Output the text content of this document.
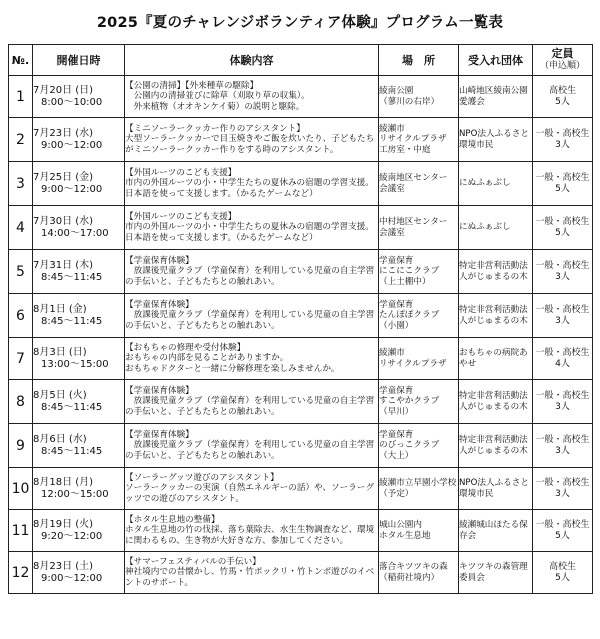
2025『夏のチャレンジボランティア体験』プログラム一覧表
№.	開催日時	体験内容	場　所	受入れ団体	定員
（申込順）

1	7月20日 (日)
8:00～10:00	【公園の清掃】【外来種草の駆除】
　公園内の清掃並びに除草（刈取り草の収集）。
　外来植物（オオキンケイ菊）の説明と駆除。	綾南公園
（蓼川の右岸）	山崎地区綾南公園愛護会	高校生
5人
2	7月23日 (水)
9:00～12:00	【ミニソーラークッカー作りのアシスタント】
大型ソーラークッカーで目玉焼きやご飯を炊いたり、子どもたちがミニソーラークッカー作りをする時のアシスタント。	綾瀬市
リサイクルプラザ
工房室・中庭	NPO法人ふるさと環境市民	一般・高校生
3人
3	7月25日 (金)
9:00～12:00	【外国ルーツのこども支援】
市内の外国ルーツの小・中学生たちの夏休みの宿題の学習支援。日本語を使って支援します。（かるたゲームなど）	綾南地区センター
会議室	にぬふぁぶし	一般・高校生
5人
4	7月30日 (水)
14:00～17:00	【外国ルーツのこども支援】
市内の外国ルーツの小・中学生たちの夏休みの宿題の学習支援。日本語を使って支援します。（かるたゲームなど）	中村地区センター
会議室	にぬふぁぶし	一般・高校生
5人
5	7月31日 (木)
8:45～11:45	【学童保育体験】
　放課後児童クラブ（学童保育）を利用している児童の自主学習の手伝いと、子どもたちとの触れあい。	学童保育
にこにこクラブ
（上土棚中）	特定非営利活動法人がじゅまるの木	一般・高校生
3人
6	8月1日 (金)
8:45～11:45	【学童保育体験】
　放課後児童クラブ（学童保育）を利用している児童の自主学習の手伝いと、子どもたちとの触れあい。	学童保育
たんぽぽクラブ
（小園）	特定非営利活動法人がじゅまるの木	一般・高校生
3人
7	8月3日 (日)
13:00～15:00	【おもちゃの修理や受付体験】
おもちゃの内部を見ることがありますか。
おもちゃドクターと一緒に分解修理を楽しみませんか。	綾瀬市
リサイクルプラザ	おもちゃの病院あやせ	一般・高校生
4人
8	8月5日 (火)
8:45～11:45	【学童保育体験】
　放課後児童クラブ（学童保育）を利用している児童の自主学習の手伝いと、子どもたちとの触れあい。	学童保育
すこやかクラブ
（早川）	特定非営利活動法人がじゅまるの木	一般・高校生
3人
9	8月6日 (水)
8:45～11:45	【学童保育体験】
　放課後児童クラブ（学童保育）を利用している児童の自主学習の手伝いと、子どもたちとの触れあい。	学童保育
のびっこクラブ
（大上）	特定非営利活動法人がじゅまるの木	一般・高校生
3人
10	8月18日 (月)
12:00～15:00	【ソーラーグッツ遊びのアシスタント】
ソーラークッカーの実演（自然エネルギーの話）や、ソーラーグッツでの遊びのアシスタント。	綾瀬市立早園小学校　　（予定）	NPO法人ふるさと環境市民	一般・高校生
3人
11	8月19日 (火)
9:20～12:00	【ホタル生息地の整備】
ホタル生息地の竹の伐採、落ち葉除去、水生生物調査など、環境に関わるもの、生き物が大好きな方、参加してください。	城山公園内
ホタル生息地	綾瀬城山ほたる保存会	一般・高校生
5人
12	8月23日 (土)
9:00～12:00	【サマーフェスティバルの手伝い】
神社境内での昔懐かし、竹馬・竹ポックリ・竹トンボ遊びのイベントのサポート。	落合キツツキの森
（稲荷社境内）	キツツキの森管理委員会	高校生
5人
